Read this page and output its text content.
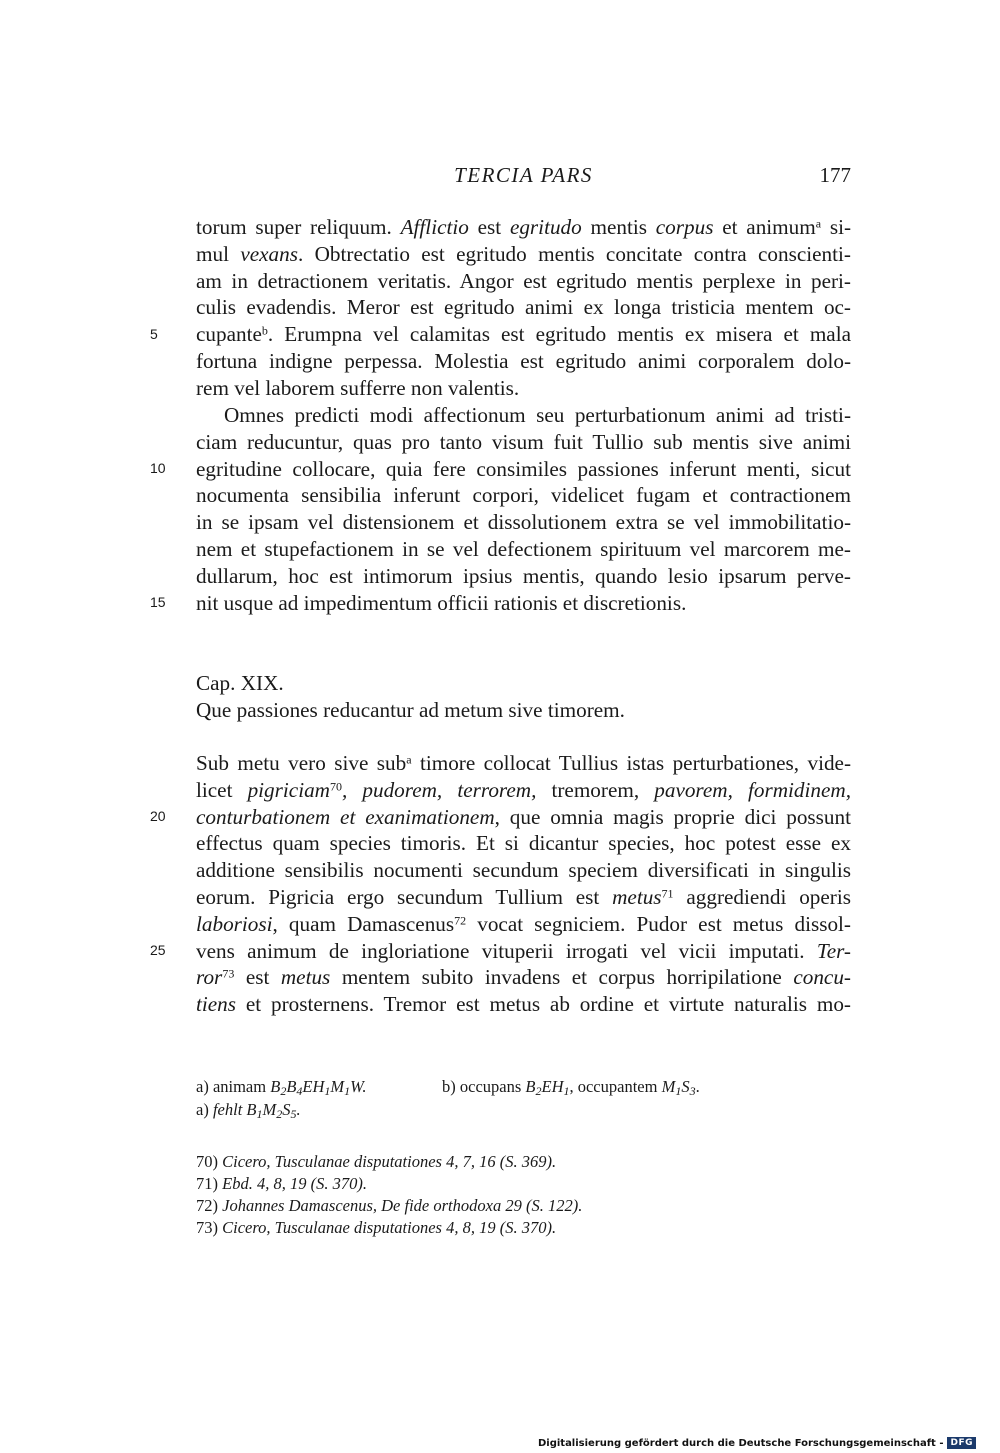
TERCIA PARS	177
5
10
15
20
25
torum super reliquum. Afflictio est egritudo mentis corpus et animum$^a$ si-
mul vexans. Obtrectatio est egritudo mentis concitate contra conscienti-
am in detractionem veritatis. Angor est egritudo mentis perplexe in peri-
culis evadendis. Meror est egritudo animi ex longa tristicia mentem oc-
cupante$^b$. Erumpna vel calamitas est egritudo mentis ex misera et mala
fortuna indigne perpessa. Molestia est egritudo animi corporalem dolo-
rem vel laborem sufferre non valentis.
Omnes predicti modi affectionum seu perturbationum animi ad tristi-
ciam reducuntur, quas pro tanto visum fuit Tullio sub mentis sive animi
egritudine collocare, quia fere consimiles passiones inferunt menti, sicut
nocumenta sensibilia inferunt corpori, videlicet fugam et contractionem
in se ipsam vel distensionem et dissolutionem extra se vel immobilitatio-
nem et stupefactionem in se vel defectionem spirituum vel marcorem me-
dullarum, hoc est intimorum ipsius mentis, quando lesio ipsarum perve-
nit usque ad impedimentum officii rationis et discretionis.
Cap. XIX.
Que passiones reducantur ad metum sive timorem.
Sub metu vero sive sub$^a$ timore collocat Tullius istas perturbationes, vide-
licet pigriciam$^{70}$, pudorem, terrorem, tremorem, pavorem, formidinem,
conturbationem et exanimationem, que omnia magis proprie dici possunt
effectus quam species timoris. Et si dicantur species, hoc potest esse ex
additione sensibilis nocumenti secundum speciem diversificati in singulis
eorum. Pigricia ergo secundum Tullium est metus$^{71}$ aggrediendi operis
laboriosi, quam Damascenus$^{72}$ vocat segniciem. Pudor est metus dissol-
vens animum de ingloriatione vituperii irrogati vel vicii imputati. Ter-
ror$^{73}$ est metus mentem subito invadens et corpus horripilatione concu-
tiens et prosternens. Tremor est metus ab ordine et virtute naturalis mo-
a) animam $B_2B_4EH_1M_1W$.	b) occupans $B_2EH_1$, occupantem $M_1S_3$.
a) fehlt $B_1M_2S_5$.
70) Cicero, Tusculanae disputationes 4, 7, 16 (S. 369).
71) Ebd. 4, 8, 19 (S. 370).
72) Johannes Damascenus, De fide orthodoxa 29 (S. 122).
73) Cicero, Tusculanae disputationes 4, 8, 19 (S. 370).
Digitalisierung gefördert durch die Deutsche Forschungsgemeinschaft - DFG
